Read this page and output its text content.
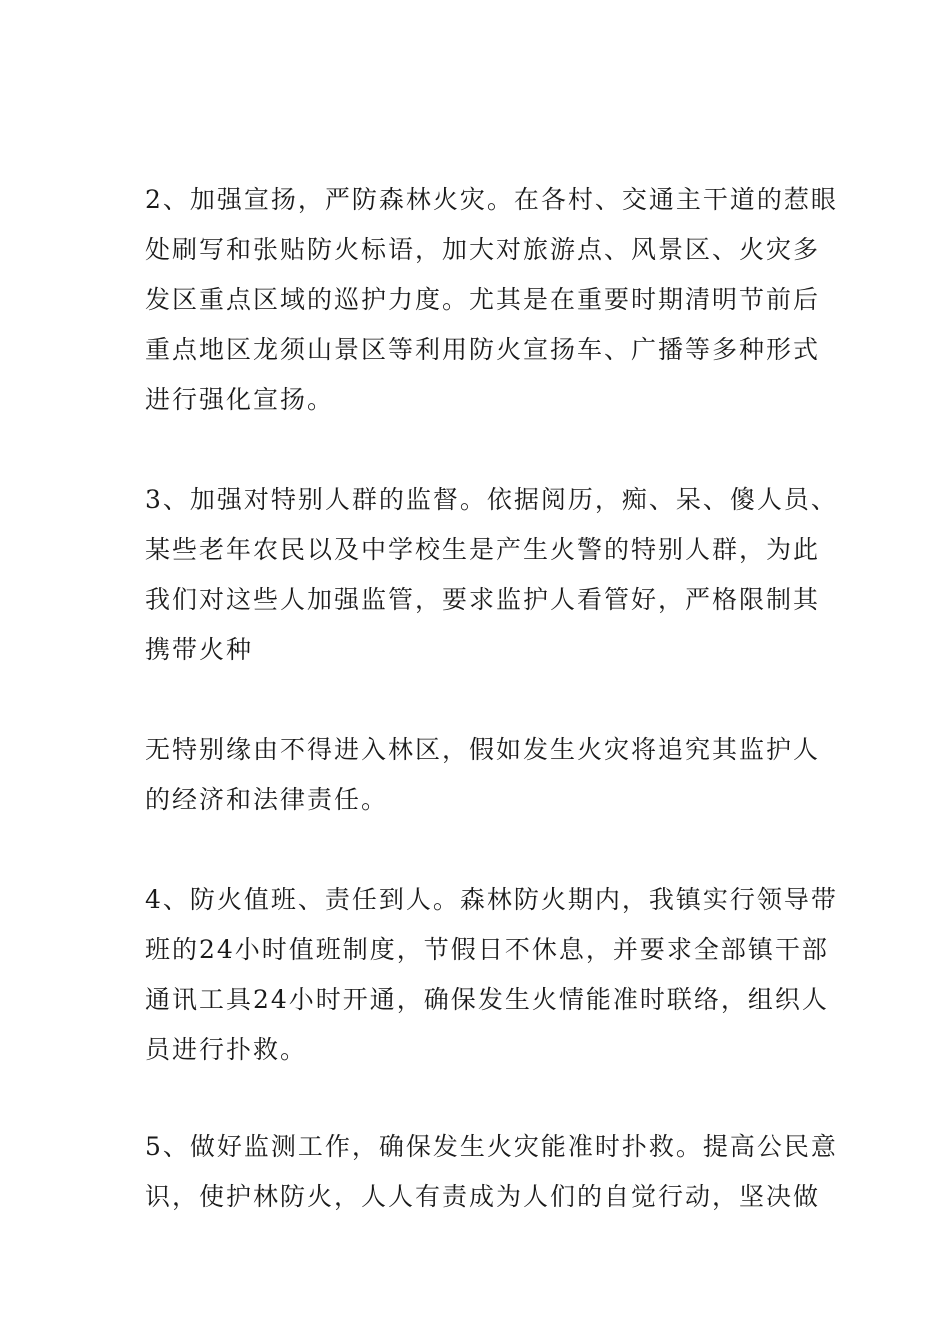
2、加强宣扬，严防森林火灾。在各村、交通主干道的惹眼
处刷写和张贴防火标语，加大对旅游点、风景区、火灾多
发区重点区域的巡护力度。尤其是在重要时期清明节前后
重点地区龙须山景区等利用防火宣扬车、广播等多种形式
进行强化宣扬。
3、加强对特别人群的监督。依据阅历，痴、呆、傻人员、
某些老年农民以及中学校生是产生火警的特别人群，为此
我们对这些人加强监管，要求监护人看管好，严格限制其
携带火种
无特别缘由不得进入林区，假如发生火灾将追究其监护人
的经济和法律责任。
4、防火值班、责任到人。森林防火期内，我镇实行领导带
班的24小时值班制度，节假日不休息，并要求全部镇干部
通讯工具24小时开通，确保发生火情能准时联络，组织人
员进行扑救。
5、做好监测工作，确保发生火灾能准时扑救。提高公民意
识，使护林防火，人人有责成为人们的自觉行动，坚决做
